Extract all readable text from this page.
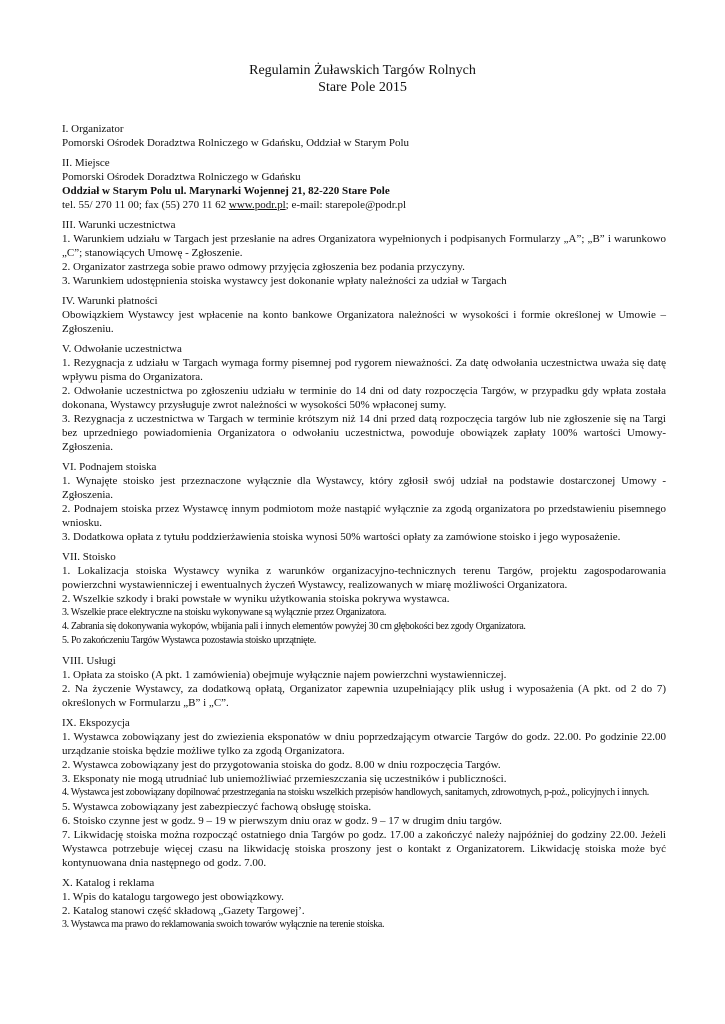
Regulamin Żuławskich Targów Rolnych
Stare Pole 2015
I. Organizator
Pomorski Ośrodek Doradztwa Rolniczego w Gdańsku, Oddział w Starym Polu
II. Miejsce
Pomorski Ośrodek Doradztwa Rolniczego w Gdańsku
Oddział w Starym Polu ul. Marynarki Wojennej 21, 82-220 Stare Pole
tel. 55/ 270 11 00; fax (55) 270 11 62 www.podr.pl; e-mail: starepole@podr.pl
III. Warunki uczestnictwa
1. Warunkiem udziału w Targach jest przesłanie na adres Organizatora wypełnionych i podpisanych Formularzy „A”; „B” i warunkowo „C”; stanowiących Umowę - Zgłoszenie.
2. Organizator zastrzega sobie prawo odmowy przyjęcia zgłoszenia bez podania przyczyny.
3. Warunkiem udostępnienia stoiska wystawcy jest dokonanie wpłaty należności za udział w Targach
IV. Warunki płatności
Obowiązkiem Wystawcy jest wpłacenie na konto bankowe Organizatora należności w wysokości i formie określonej w Umowie – Zgłoszeniu.
V. Odwołanie uczestnictwa
1. Rezygnacja z udziału w Targach wymaga formy pisemnej pod rygorem nieważności. Za datę odwołania uczestnictwa uważa się datę wpływu pisma do Organizatora.
2. Odwołanie uczestnictwa po zgłoszeniu udziału w terminie do 14 dni od daty rozpoczęcia Targów, w przypadku gdy wpłata została dokonana, Wystawcy przysługuje zwrot należności w wysokości 50% wpłaconej sumy.
3. Rezygnacja z uczestnictwa w Targach w terminie krótszym niż 14 dni przed datą rozpoczęcia targów lub nie zgłoszenie się na Targi bez uprzedniego powiadomienia Organizatora o odwołaniu uczestnictwa, powoduje obowiązek zapłaty 100% wartości Umowy- Zgłoszenia.
VI. Podnajem stoiska
1. Wynajęte stoisko jest przeznaczone wyłącznie dla Wystawcy, który zgłosił swój udział na podstawie dostarczonej Umowy - Zgłoszenia.
2. Podnajem stoiska przez Wystawcę innym podmiotom może nastąpić wyłącznie za zgodą organizatora po przedstawieniu pisemnego wniosku.
3. Dodatkowa opłata z tytułu poddzierżawienia stoiska wynosi 50% wartości opłaty za zamówione stoisko i jego wyposażenie.
VII. Stoisko
1. Lokalizacja stoiska Wystawcy wynika z warunków organizacyjno-technicznych terenu Targów, projektu zagospodarowania powierzchni wystawienniczej i ewentualnych życzeń Wystawcy, realizowanych w miarę możliwości Organizatora.
2. Wszelkie szkody i braki powstałe w wyniku użytkowania stoiska pokrywa wystawca.
3. Wszelkie prace elektryczne na stoisku wykonywane są wyłącznie przez Organizatora.
4. Zabrania się dokonywania wykopów, wbijania pali i innych elementów powyżej 30 cm głębokości bez zgody Organizatora.
5. Po zakończeniu Targów Wystawca pozostawia stoisko uprzątnięte.
VIII. Usługi
1. Opłata za stoisko (A pkt. 1 zamówienia) obejmuje wyłącznie najem powierzchni wystawienniczej.
2. Na życzenie Wystawcy, za dodatkową opłatą, Organizator zapewnia uzupełniający plik usług i wyposażenia (A pkt. od 2 do 7) określonych w Formularzu „B” i „C”.
IX. Ekspozycja
1. Wystawca zobowiązany jest do zwiezienia eksponatów w dniu poprzedzającym otwarcie Targów do godz. 22.00. Po godzinie 22.00 urządzanie stoiska będzie możliwe tylko za zgodą Organizatora.
2. Wystawca zobowiązany jest do przygotowania stoiska do godz. 8.00 w dniu rozpoczęcia Targów.
3. Eksponaty nie mogą utrudniać lub uniemożliwiać przemieszczania się uczestników i publiczności.
4. Wystawca jest zobowiązany dopilnować przestrzegania na stoisku wszelkich przepisów handlowych, sanitarnych, zdrowotnych, p-poż., policyjnych i innych.
5. Wystawca zobowiązany jest zabezpieczyć fachową obsługę stoiska.
6. Stoisko czynne jest w godz. 9 – 19 w pierwszym dniu oraz w godz. 9 – 17 w drugim dniu targów.
7. Likwidację stoiska można rozpocząć ostatniego dnia Targów po godz. 17.00 a zakończyć należy najpóźniej do godziny 22.00. Jeżeli Wystawca potrzebuje więcej czasu na likwidację stoiska proszony jest o kontakt z Organizatorem. Likwidację stoiska może być kontynuowana dnia następnego od godz. 7.00.
X. Katalog i reklama
1. Wpis do katalogu targowego jest obowiązkowy.
2. Katalog stanowi część składową „Gazety Targowej’.
3. Wystawca ma prawo do reklamowania swoich towarów wyłącznie na terenie stoiska.
